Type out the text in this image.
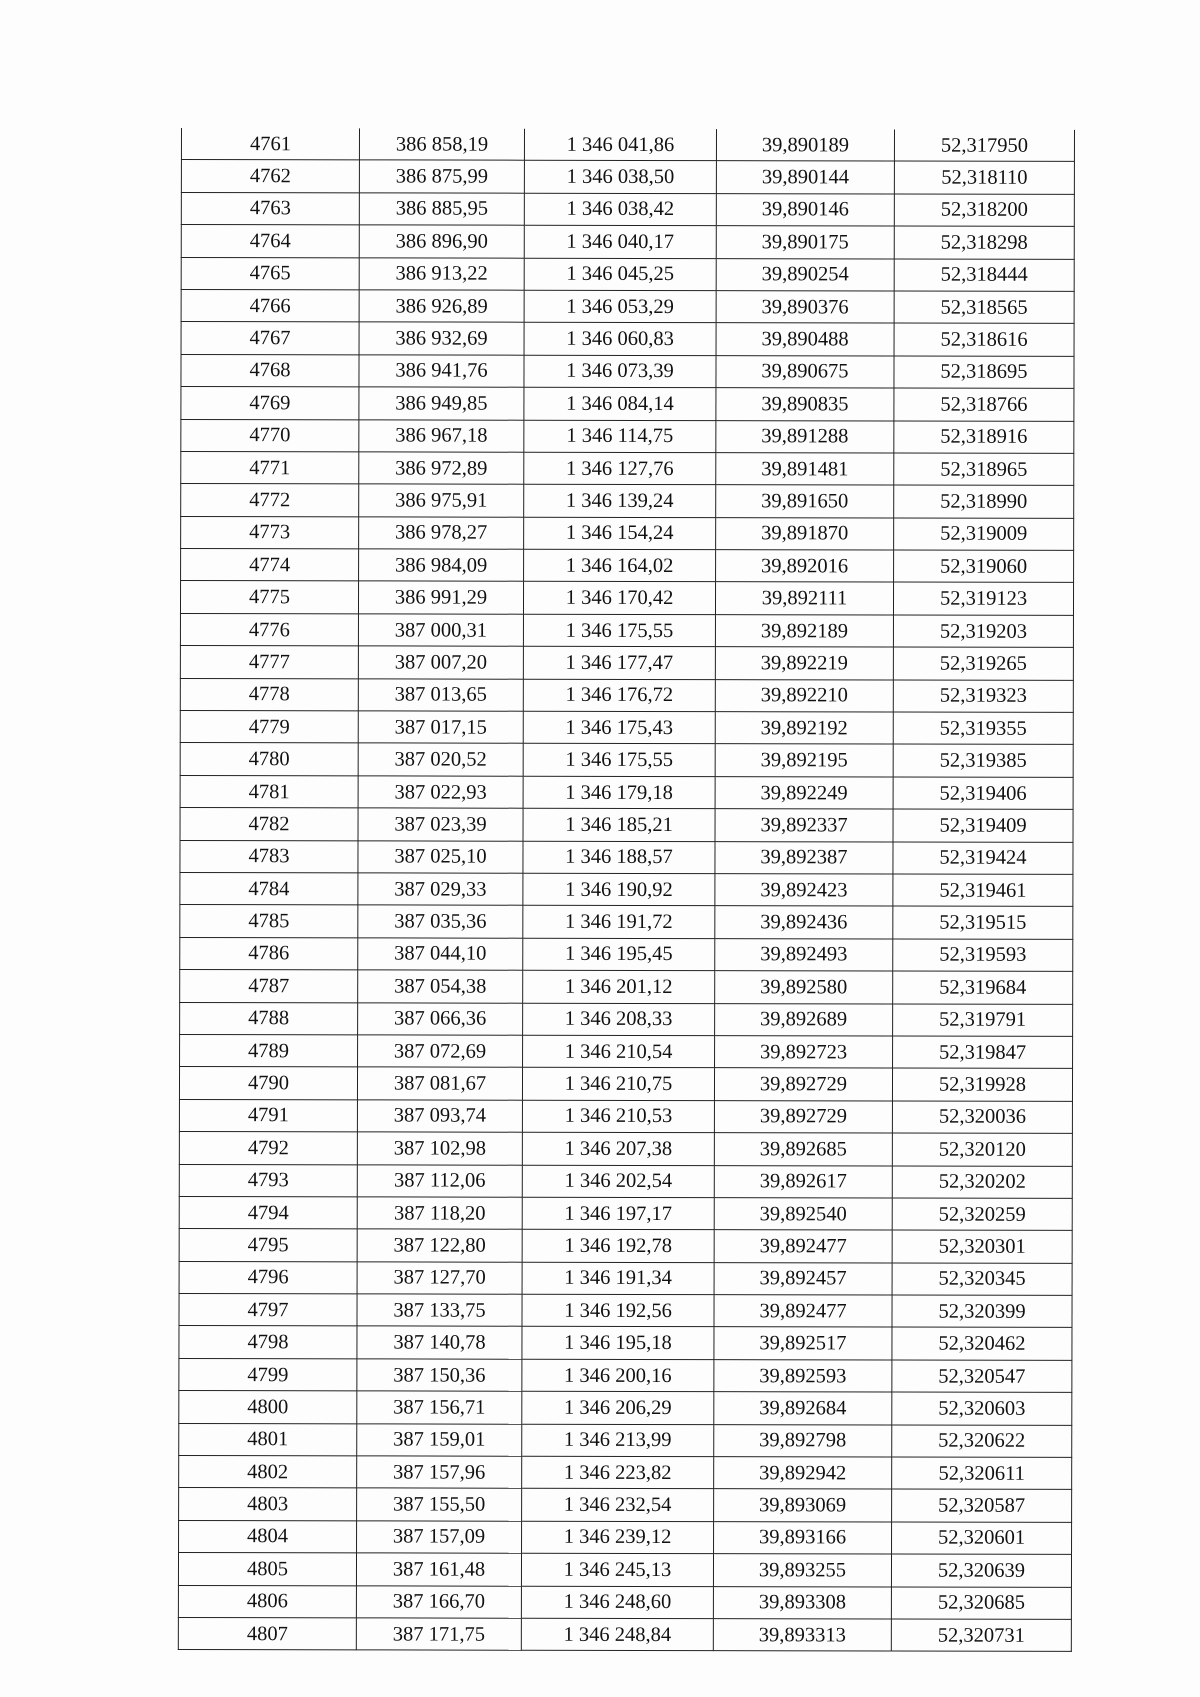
4761	386 858,19	1 346 041,86	39,890189	52,317950
4762	386 875,99	1 346 038,50	39,890144	52,318110
4763	386 885,95	1 346 038,42	39,890146	52,318200
4764	386 896,90	1 346 040,17	39,890175	52,318298
4765	386 913,22	1 346 045,25	39,890254	52,318444
4766	386 926,89	1 346 053,29	39,890376	52,318565
4767	386 932,69	1 346 060,83	39,890488	52,318616
4768	386 941,76	1 346 073,39	39,890675	52,318695
4769	386 949,85	1 346 084,14	39,890835	52,318766
4770	386 967,18	1 346 114,75	39,891288	52,318916
4771	386 972,89	1 346 127,76	39,891481	52,318965
4772	386 975,91	1 346 139,24	39,891650	52,318990
4773	386 978,27	1 346 154,24	39,891870	52,319009
4774	386 984,09	1 346 164,02	39,892016	52,319060
4775	386 991,29	1 346 170,42	39,892111	52,319123
4776	387 000,31	1 346 175,55	39,892189	52,319203
4777	387 007,20	1 346 177,47	39,892219	52,319265
4778	387 013,65	1 346 176,72	39,892210	52,319323
4779	387 017,15	1 346 175,43	39,892192	52,319355
4780	387 020,52	1 346 175,55	39,892195	52,319385
4781	387 022,93	1 346 179,18	39,892249	52,319406
4782	387 023,39	1 346 185,21	39,892337	52,319409
4783	387 025,10	1 346 188,57	39,892387	52,319424
4784	387 029,33	1 346 190,92	39,892423	52,319461
4785	387 035,36	1 346 191,72	39,892436	52,319515
4786	387 044,10	1 346 195,45	39,892493	52,319593
4787	387 054,38	1 346 201,12	39,892580	52,319684
4788	387 066,36	1 346 208,33	39,892689	52,319791
4789	387 072,69	1 346 210,54	39,892723	52,319847
4790	387 081,67	1 346 210,75	39,892729	52,319928
4791	387 093,74	1 346 210,53	39,892729	52,320036
4792	387 102,98	1 346 207,38	39,892685	52,320120
4793	387 112,06	1 346 202,54	39,892617	52,320202
4794	387 118,20	1 346 197,17	39,892540	52,320259
4795	387 122,80	1 346 192,78	39,892477	52,320301
4796	387 127,70	1 346 191,34	39,892457	52,320345
4797	387 133,75	1 346 192,56	39,892477	52,320399
4798	387 140,78	1 346 195,18	39,892517	52,320462
4799	387 150,36	1 346 200,16	39,892593	52,320547
4800	387 156,71	1 346 206,29	39,892684	52,320603
4801	387 159,01	1 346 213,99	39,892798	52,320622
4802	387 157,96	1 346 223,82	39,892942	52,320611
4803	387 155,50	1 346 232,54	39,893069	52,320587
4804	387 157,09	1 346 239,12	39,893166	52,320601
4805	387 161,48	1 346 245,13	39,893255	52,320639
4806	387 166,70	1 346 248,60	39,893308	52,320685
4807	387 171,75	1 346 248,84	39,893313	52,320731
